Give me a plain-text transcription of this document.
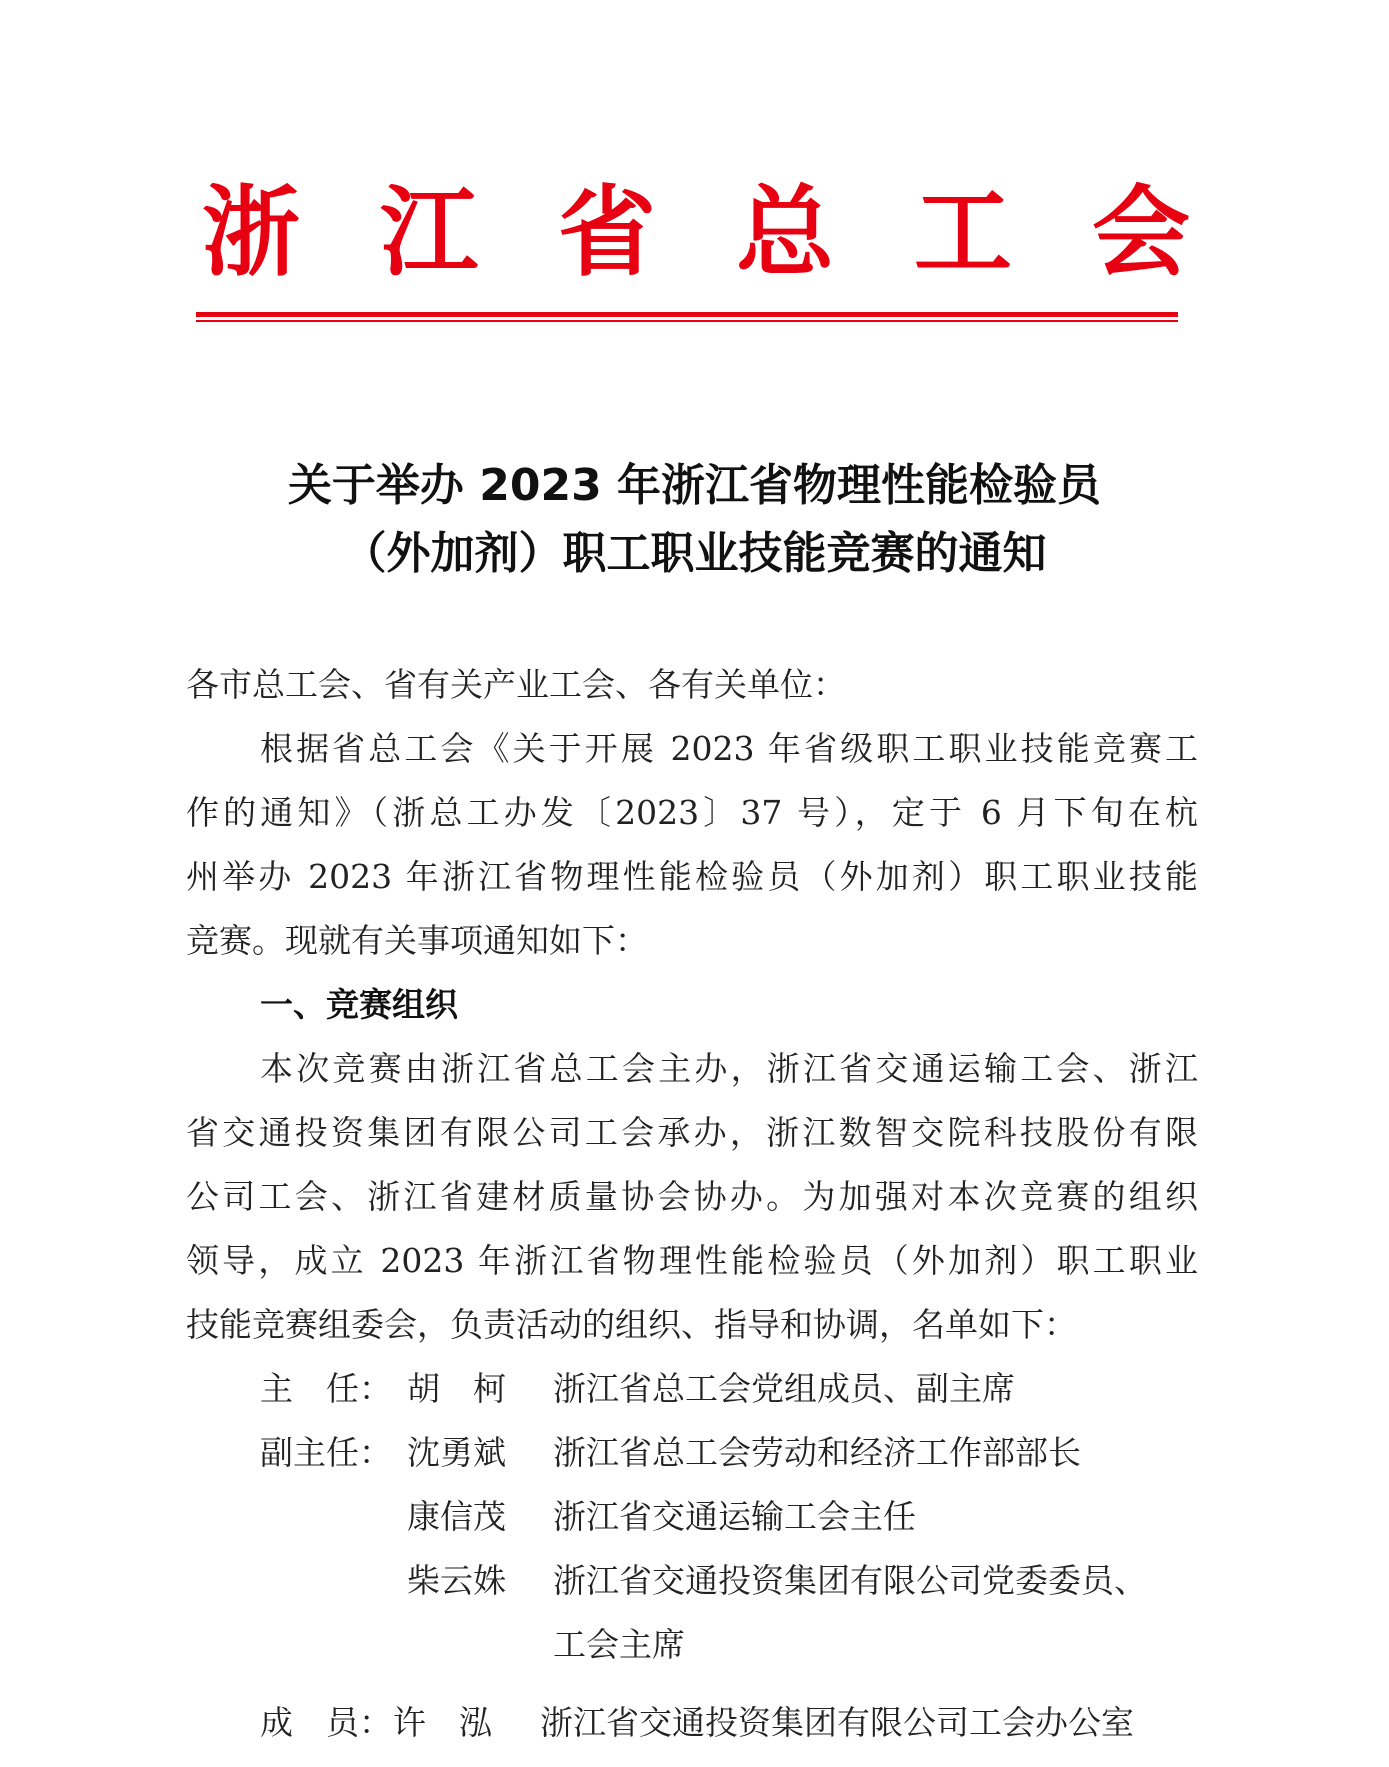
浙 江 省 总 工 会
关于举办 2023 年浙江省物理性能检验员
（外加剂）职工职业技能竞赛的通知
各市总工会、省有关产业工会、各有关单位：
根据省总工会《关于开展 2023 年省级职工职业技能竞赛工
作的通知》（浙总工办发〔2023〕37 号），定于 6 月下旬在杭
州举办 2023 年浙江省物理性能检验员（外加剂）职工职业技能
竞赛。现就有关事项通知如下：
一、竞赛组织
本次竞赛由浙江省总工会主办，浙江省交通运输工会、浙江
省交通投资集团有限公司工会承办，浙江数智交院科技股份有限
公司工会、浙江省建材质量协会协办。为加强对本次竞赛的组织
领导，成立 2023 年浙江省物理性能检验员（外加剂）职工职业
技能竞赛组委会，负责活动的组织、指导和协调，名单如下：
主　任： 胡　柯 浙江省总工会党组成员、副主席
副主任： 沈勇斌 浙江省总工会劳动和经济工作部部长
康信茂 浙江省交通运输工会主任
柴云姝 浙江省交通投资集团有限公司党委委员、
工会主席
成　员： 许　泓 浙江省交通投资集团有限公司工会办公室
